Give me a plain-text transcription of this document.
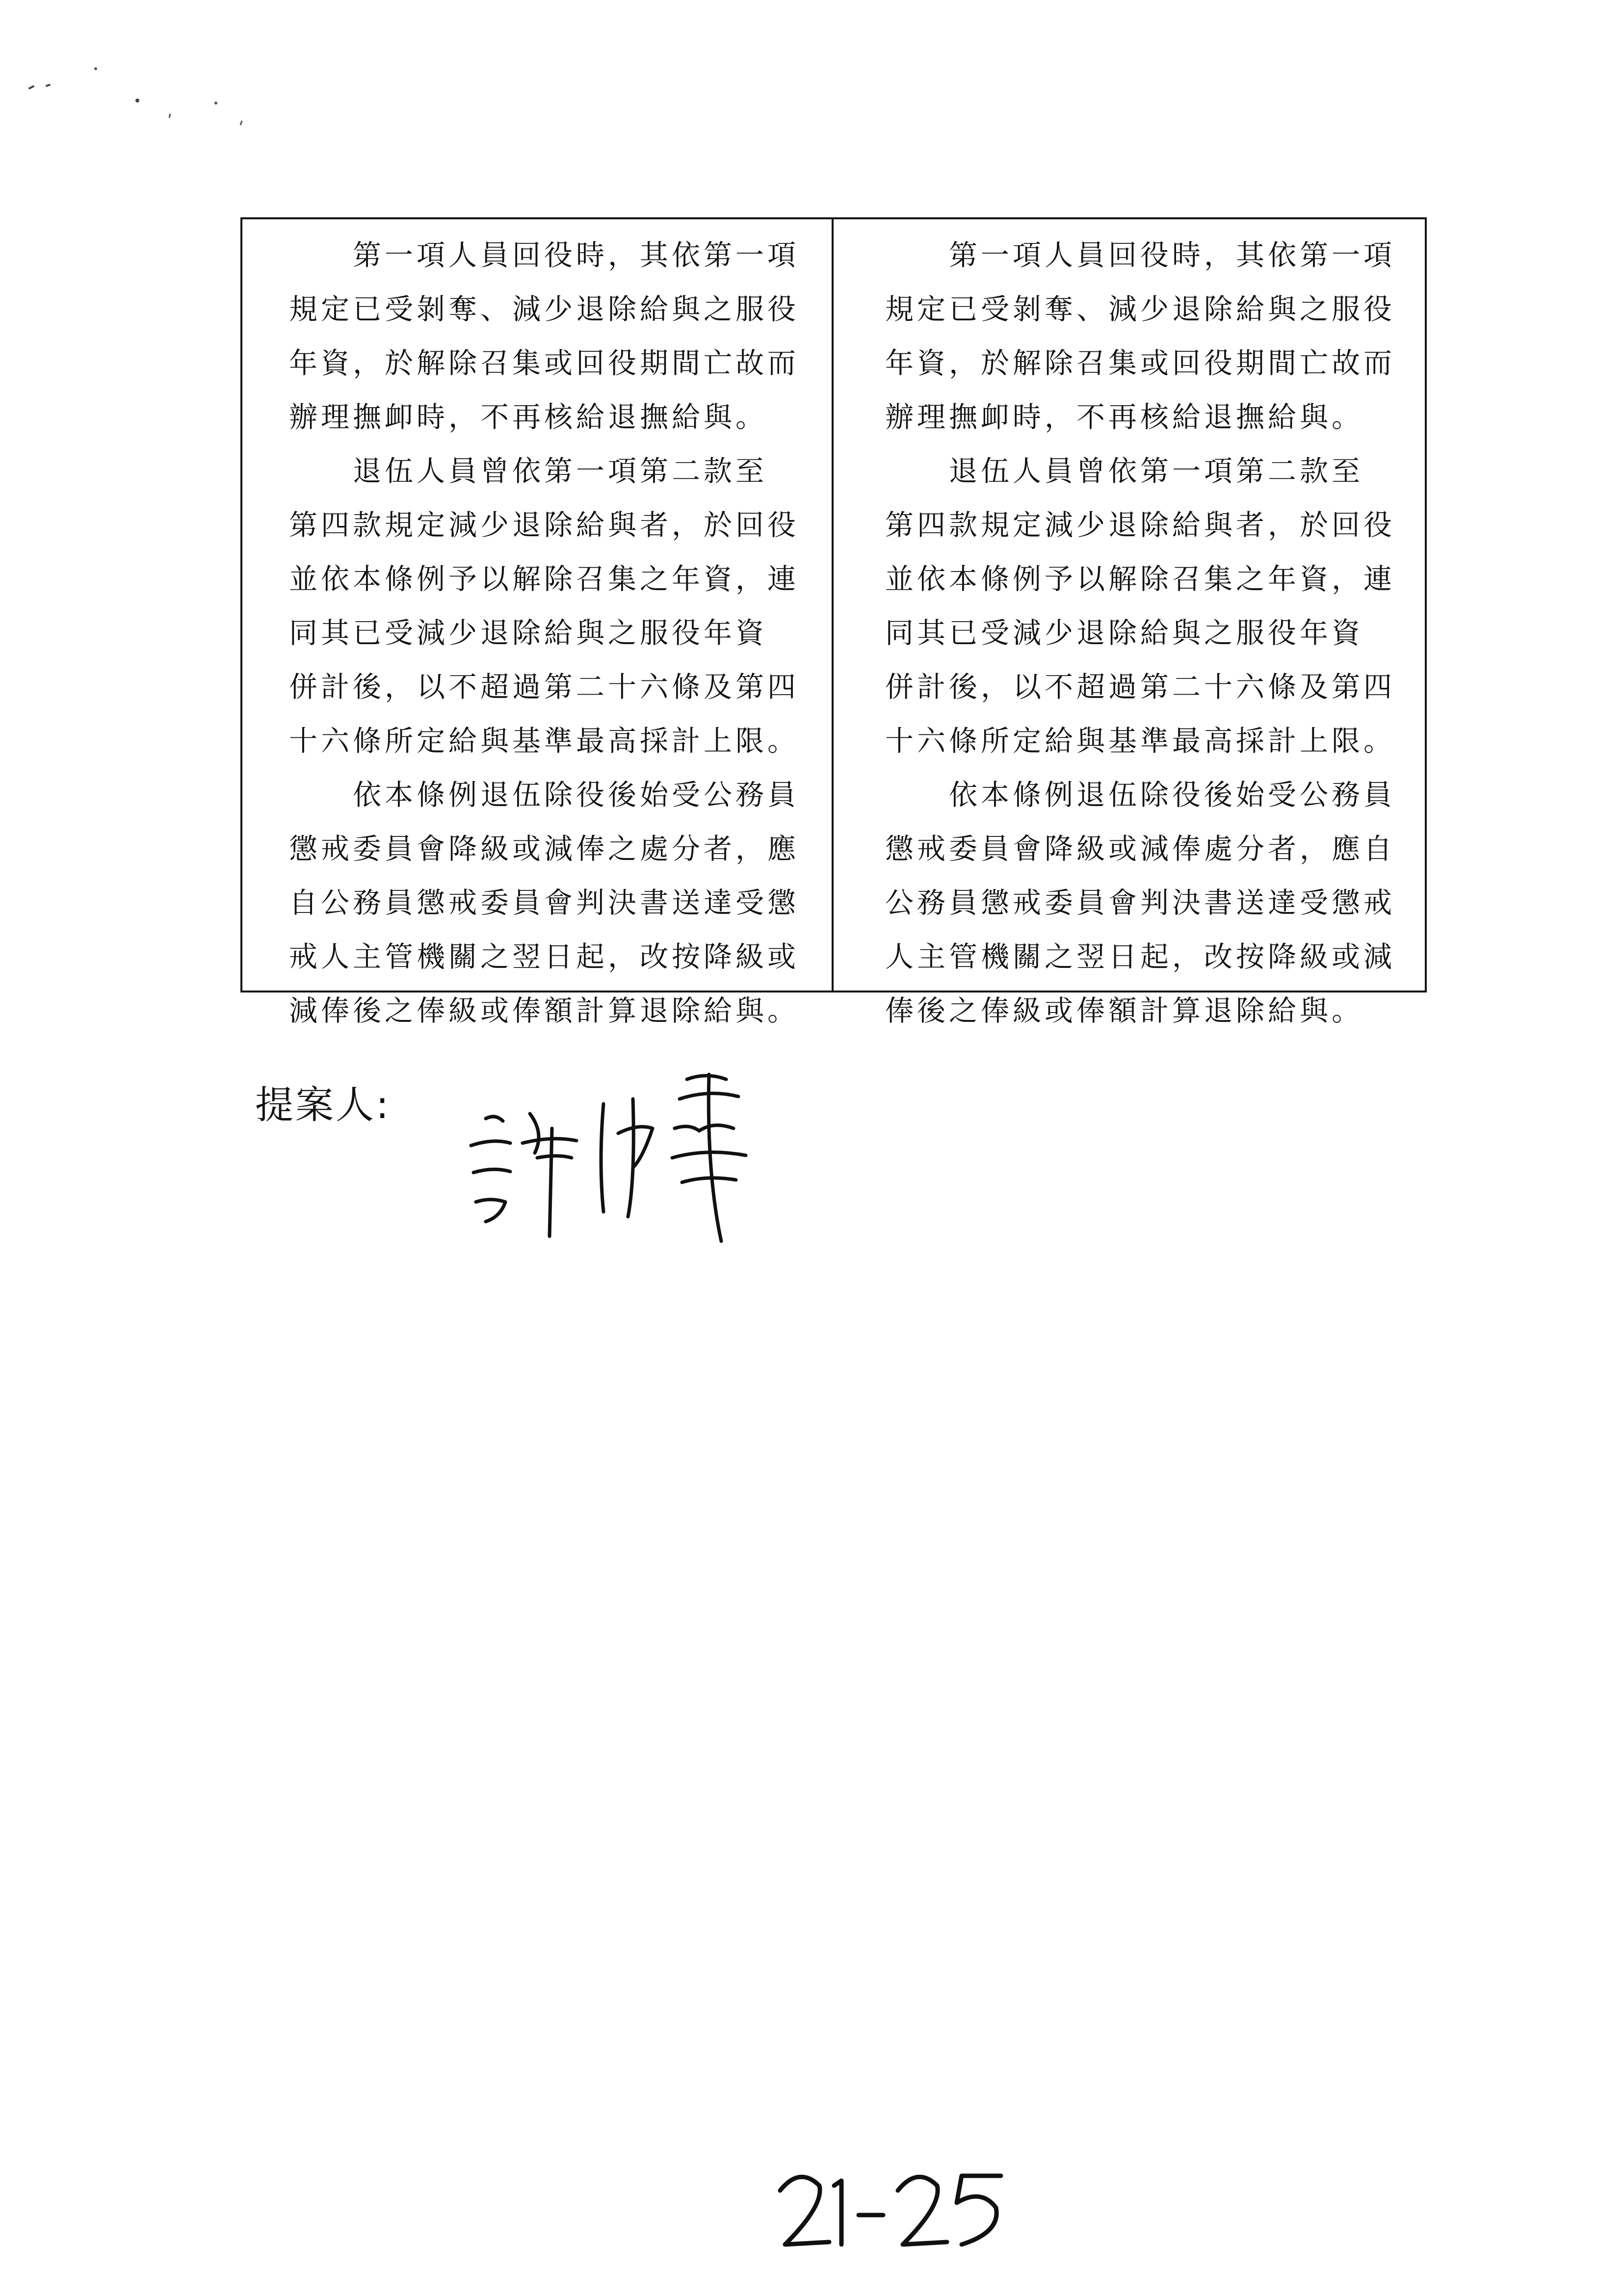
第一項人員回役時，其依第一項
規定已受剝奪、減少退除給與之服役
年資，於解除召集或回役期間亡故而
辦理撫卹時，不再核給退撫給與。

退伍人員曾依第一項第二款至
第四款規定減少退除給與者，於回役
並依本條例予以解除召集之年資，連
同其已受減少退除給與之服役年資
併計後，以不超過第二十六條及第四
十六條所定給與基準最高採計上限。

依本條例退伍除役後始受公務員
懲戒委員會降級或減俸之處分者，應
自公務員懲戒委員會判決書送達受懲
戒人主管機關之翌日起，改按降級或
減俸後之俸級或俸額計算退除給與。

第一項人員回役時，其依第一項
規定已受剝奪、減少退除給與之服役
年資，於解除召集或回役期間亡故而
辦理撫卹時，不再核給退撫給與。

退伍人員曾依第一項第二款至
第四款規定減少退除給與者，於回役
並依本條例予以解除召集之年資，連
同其已受減少退除給與之服役年資
併計後，以不超過第二十六條及第四
十六條所定給與基準最高採計上限。

依本條例退伍除役後始受公務員
懲戒委員會降級或減俸處分者，應自
公務員懲戒委員會判決書送達受懲戒
人主管機關之翌日起，改按降級或減
俸後之俸級或俸額計算退除給與。

提案人:
